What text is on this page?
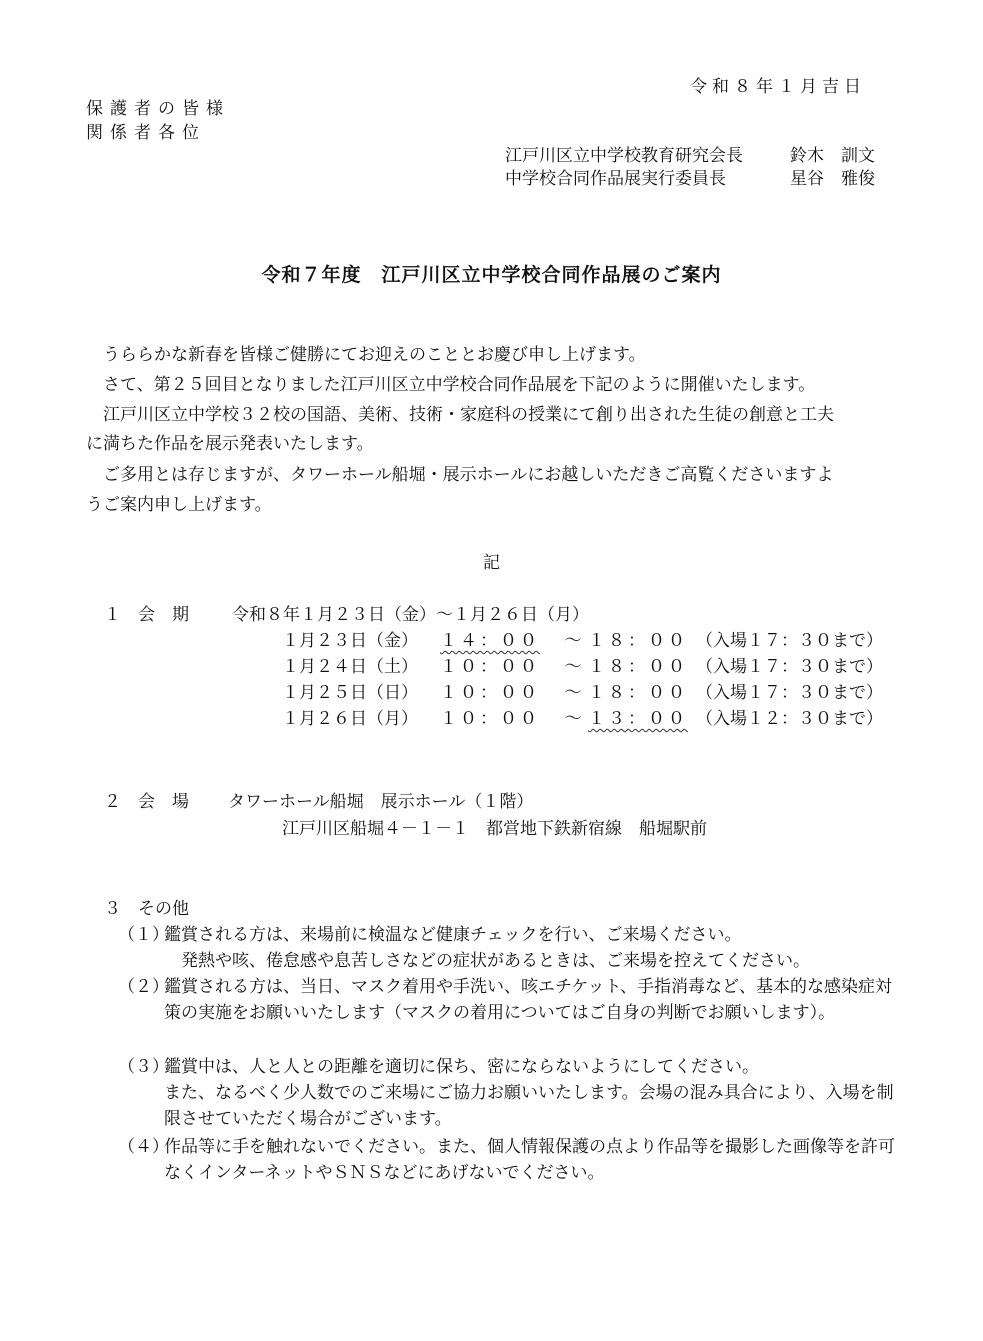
令和８年１月吉日
保護者の皆様
関係者各位
江戸川区立中学校教育研究会長	鈴木　訓文
中学校合同作品展実行委員長	星谷　雅俊
令和７年度　江戸川区立中学校合同作品展のご案内
　うららかな新春を皆様ご健勝にてお迎えのこととお慶び申し上げます。
　さて、第２５回目となりました江戸川区立中学校合同作品展を下記のように開催いたします。
　江戸川区立中学校３２校の国語、美術、技術・家庭科の授業にて創り出された生徒の創意と工夫
に満ちた作品を展示発表いたします。
　ご多用とは存じますが、タワーホール船堀・展示ホールにお越しいただきご高覧くださいますよ
うご案内申し上げます。
記
１　会　期	令和８年１月２３日（金）～１月２６日（月）
１月２３日（金）	１４：００	～ １８：００ （入場１７：３０まで）
１月２４日（土）	１０：００	～ １８：００ （入場１７：３０まで）
１月２５日（日）	１０：００	～ １８：００ （入場１７：３０まで）
１月２６日（月）	１０：００	～ １３：００ （入場１２：３０まで）
２　会　場 タワーホール船堀　展示ホール（１階）
江戸川区船堀４－１－１　都営地下鉄新宿線　船堀駅前
３　その他
（１）
鑑賞される方は、来場前に検温など健康チェックを行い、ご来場ください。
　発熱や咳、倦怠感や息苦しさなどの症状があるときは、ご来場を控えてください。
（２）
鑑賞される方は、当日、マスク着用や手洗い、咳エチケット、手指消毒など、基本的な感染症対策の実施をお願いいたします（マスクの着用についてはご自身の判断でお願いします）。
（３）
鑑賞中は、人と人との距離を適切に保ち、密にならないようにしてください。
また、なるべく少人数でのご来場にご協力お願いいたします。会場の混み具合により、入場を制限させていただく場合がございます。
（４）
作品等に手を触れないでください。また、個人情報保護の点より作品等を撮影した画像等を許可なくインターネットやＳＮＳなどにあげないでください。
